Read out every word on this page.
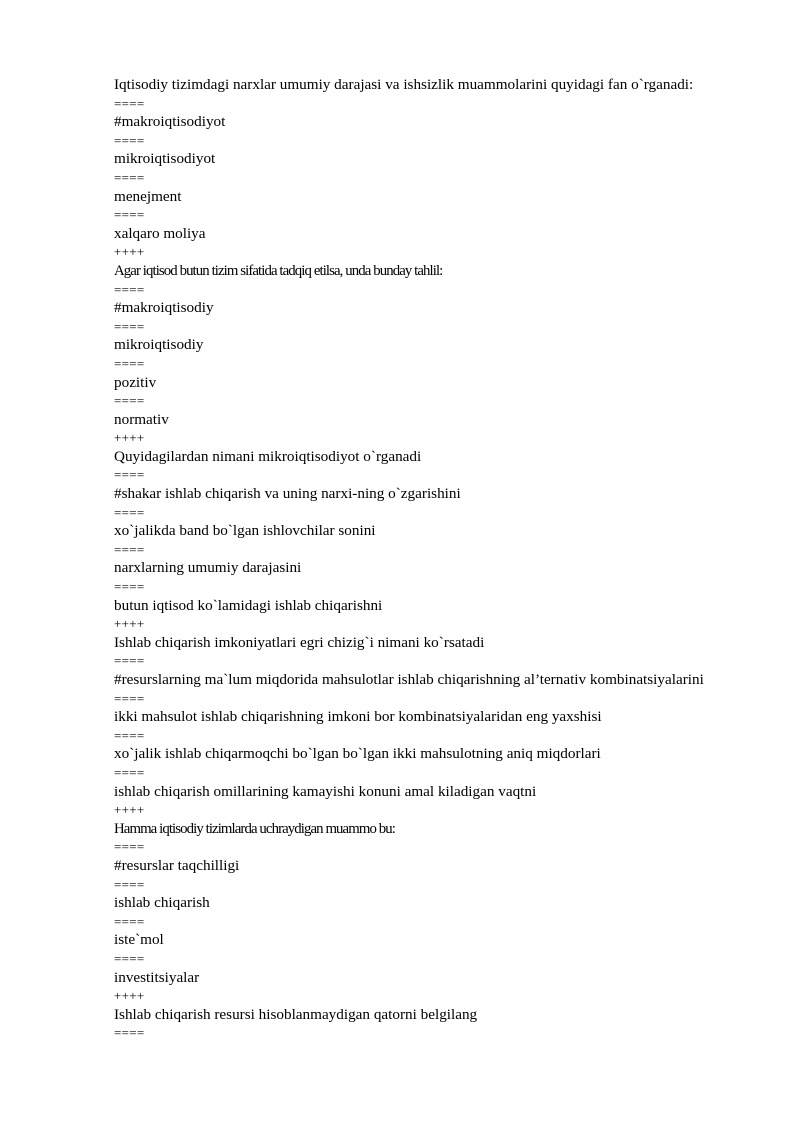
Iqtisodiy tizimdagi narxlar umumiy darajasi va ishsizlik muammolarini quyidagi fan o`rganadi:
====
#makroiqtisodiyot
====
mikroiqtisodiyot
====
menejment
====
xalqaro moliya
++++
Agar iqtisod butun tizim sifatida tadqiq etilsa, unda bunday tahlil:
====
#makroiqtisodiy
====
mikroiqtisodiy
====
pozitiv
====
normativ
++++
Quyidagilardan nimani mikroiqtisodiyot o`rganadi
====
#shakar ishlab chiqarish va uning narxi-ning o`zgarishini
====
xo`jalikda band bo`lgan ishlovchilar sonini
====
narxlarning umumiy darajasini
====
butun iqtisod ko`lamidagi ishlab chiqarishni
++++
Ishlab chiqarish imkoniyatlari egri chizig`i nimani ko`rsatadi
====
#resurslarning ma`lum miqdorida mahsulotlar ishlab chiqarishning al’ternativ kombinatsiyalarini
====
ikki mahsulot ishlab chiqarishning imkoni bor kombinatsiyalaridan eng yaxshisi
====
xo`jalik ishlab chiqarmoqchi bo`lgan bo`lgan ikki mahsulotning aniq miqdorlari
====
ishlab chiqarish omillarining kamayishi konuni amal kiladigan vaqtni
++++
Hamma iqtisodiy tizimlarda uchraydigan muammo bu:
====
#resurslar taqchilligi
====
ishlab chiqarish
====
iste`mol
====
investitsiyalar
++++
Ishlab chiqarish resursi hisoblanmaydigan qatorni belgilang
====
